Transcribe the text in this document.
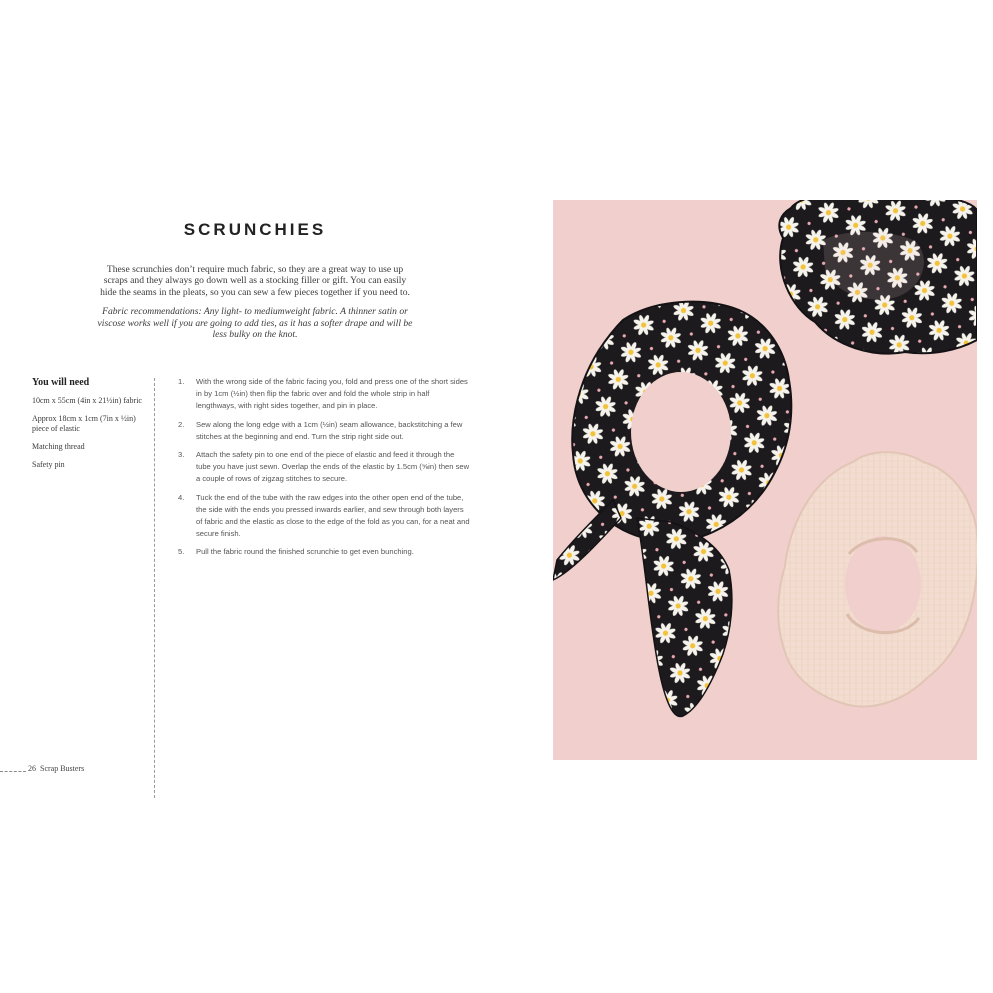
SCRUNCHIES

These scrunchies don’t require much fabric, so they are a great way to use up scraps and they always go down well as a stocking filler or gift. You can easily hide the seams in the pleats, so you can sew a few pieces together if you need to.

Fabric recommendations: Any light- to mediumweight fabric. A thinner satin or viscose works well if you are going to add ties, as it has a softer drape and will be less bulky on the knot.

You will need
10cm x 55cm (4in x 21½in) fabric
Approx 18cm x 1cm (7in x ½in) piece of elastic
Matching thread
Safety pin
1.	With the wrong side of the fabric facing you, fold and press one of the short sides in by 1cm (½in) then flip the fabric over and fold the whole strip in half lengthways, with right sides together, and pin in place.
2.	Sew along the long edge with a 1cm (½in) seam allowance, backstitching a few stitches at the beginning and end. Turn the strip right side out.
3.	Attach the safety pin to one end of the piece of elastic and feed it through the tube you have just sewn. Overlap the ends of the elastic by 1.5cm (⅝in) then sew a couple of rows of zigzag stitches to secure.
4.	Tuck the end of the tube with the raw edges into the other open end of the tube, the side with the ends you pressed inwards earlier, and sew through both layers of fabric and the elastic as close to the edge of the fold as you can, for a neat and secure finish.
5.	Pull the fabric round the finished scrunchie to get even bunching.
26 Scrap Busters
